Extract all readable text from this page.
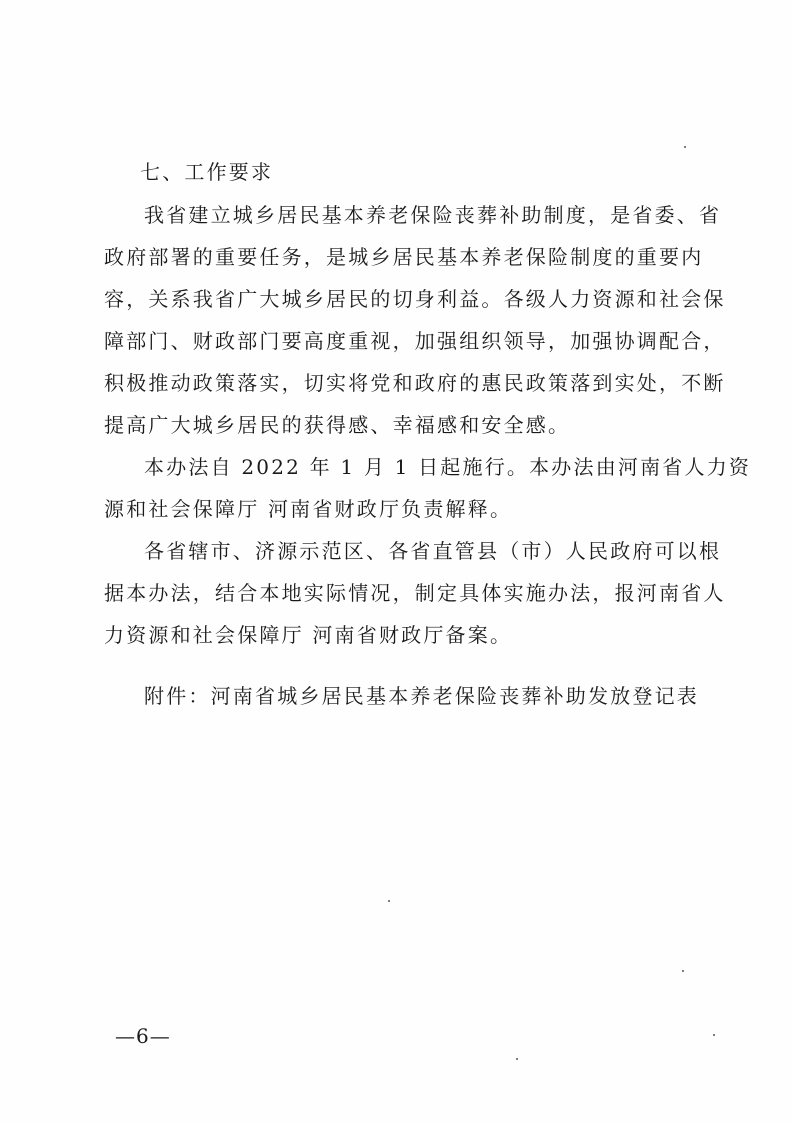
七、工作要求
我省建立城乡居民基本养老保险丧葬补助制度，是省委、省
政府部署的重要任务，是城乡居民基本养老保险制度的重要内
容，关系我省广大城乡居民的切身利益。各级人力资源和社会保
障部门、财政部门要高度重视，加强组织领导，加强协调配合，
积极推动政策落实，切实将党和政府的惠民政策落到实处，不断
提高广大城乡居民的获得感、幸福感和安全感。
本办法自 2022 年 1 月 1 日起施行。本办法由河南省人力资
源和社会保障厅 河南省财政厅负责解释。
各省辖市、济源示范区、各省直管县（市）人民政府可以根
据本办法，结合本地实际情况，制定具体实施办法，报河南省人
力资源和社会保障厅 河南省财政厅备案。
附件：河南省城乡居民基本养老保险丧葬补助发放登记表
—6—
